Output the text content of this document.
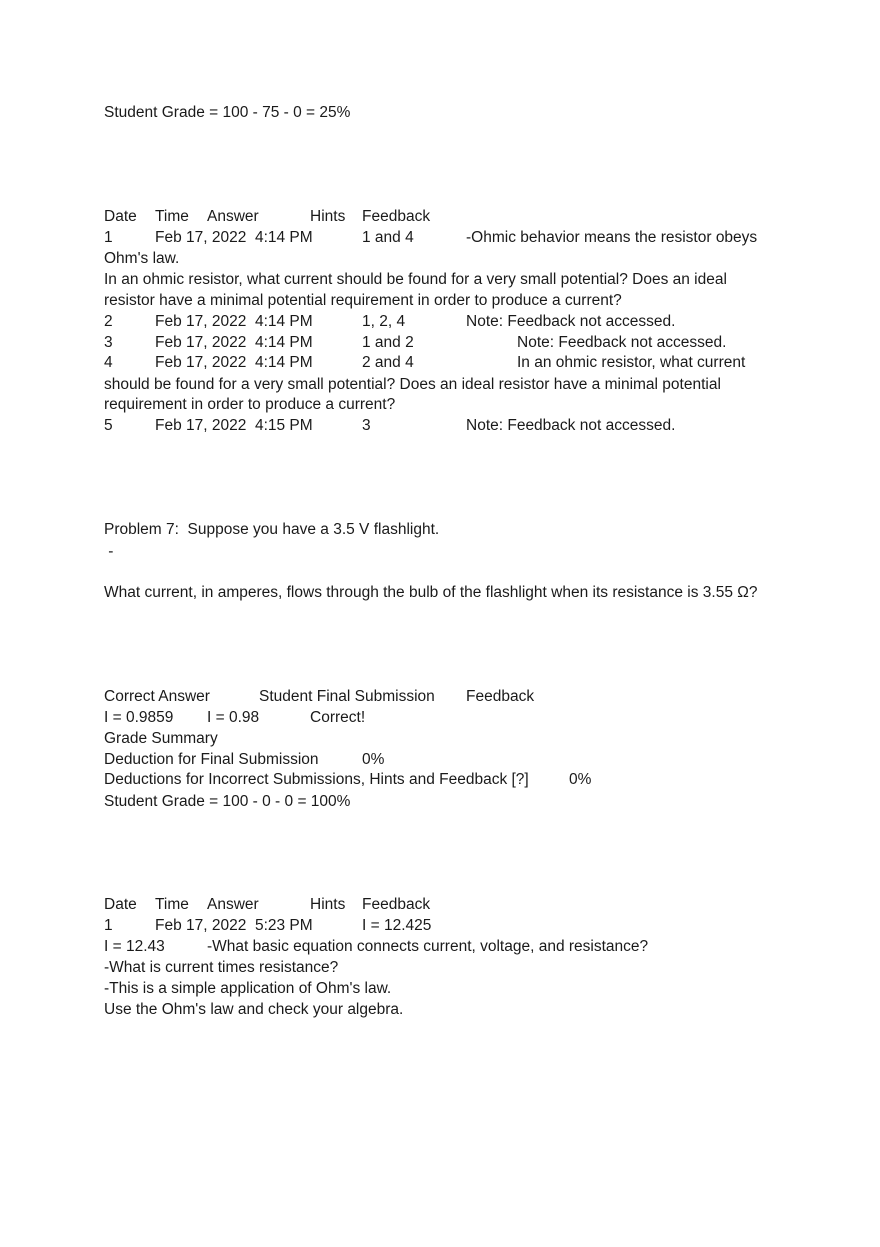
Student Grade = 100 - 75 - 0 = 25%
Date Time Answer	Hints Feedback
1	Feb 17, 2022  4:14 PM	1 and 4	-Ohmic behavior means the resistor obeys
Ohm's law.
In an ohmic resistor, what current should be found for a very small potential? Does an ideal
resistor have a minimal potential requirement in order to produce a current?
2	Feb 17, 2022  4:14 PM	1, 2, 4	Note: Feedback not accessed.
3	Feb 17, 2022  4:14 PM	1 and 2	Note: Feedback not accessed.
4	Feb 17, 2022  4:14 PM	2 and 4	In an ohmic resistor, what current
should be found for a very small potential? Does an ideal resistor have a minimal potential
requirement in order to produce a current?
5	Feb 17, 2022  4:15 PM	3	Note: Feedback not accessed.
Problem 7:  Suppose you have a 3.5 V flashlight.
-
What current, in amperes, flows through the bulb of the flashlight when its resistance is 3.55 Ω?
Correct Answer	Student Final Submission Feedback
I = 0.9859 I = 0.98	Correct!
Grade Summary
Deduction for Final Submission	0%
Deductions for Incorrect Submissions, Hints and Feedback [?]	0%
Student Grade = 100 - 0 - 0 = 100%
Date Time Answer	Hints Feedback
1	Feb 17, 2022  5:23 PM	I = 12.425
I = 12.43	-What basic equation connects current, voltage, and resistance?
-What is current times resistance?
-This is a simple application of Ohm's law.
Use the Ohm's law and check your algebra.
